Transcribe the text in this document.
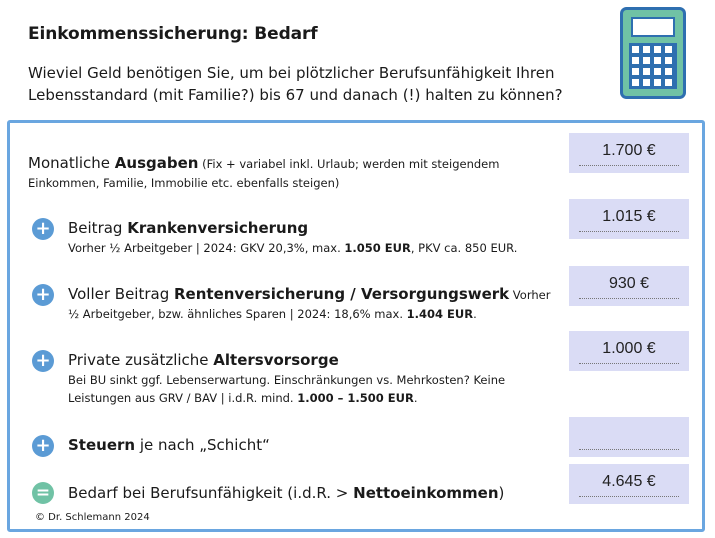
Einkommenssicherung: Bedarf
Wieviel Geld benötigen Sie, um bei plötzlicher Berufsunfähigkeit Ihren Lebensstandard (mit Familie?) bis 67 und danach (!) halten zu können?
Monatliche Ausgaben (Fix + variabel inkl. Urlaub; werden mit steigendem
Einkommen, Familie, Immobilie etc. ebenfalls steigen)
1.700 €
+ Beitrag Krankenversicherung
Vorher ½ Arbeitgeber | 2024: GKV 20,3%, max. 1.050 EUR, PKV ca. 850 EUR.
1.015 €
+ Voller Beitrag Rentenversicherung / Versorgungswerk Vorher
½ Arbeitgeber, bzw. ähnliches Sparen | 2024: 18,6% max. 1.404 EUR.
930 €
+ Private zusätzliche Altersvorsorge
Bei BU sinkt ggf. Lebenserwartung. Einschränkungen vs. Mehrkosten? Keine
Leistungen aus GRV / BAV | i.d.R. mind. 1.000 – 1.500 EUR.
1.000 €
+ Steuern je nach „Schicht“
= Bedarf bei Berufsunfähigkeit (i.d.R. > Nettoeinkommen)
4.645 €
© Dr. Schlemann 2024
